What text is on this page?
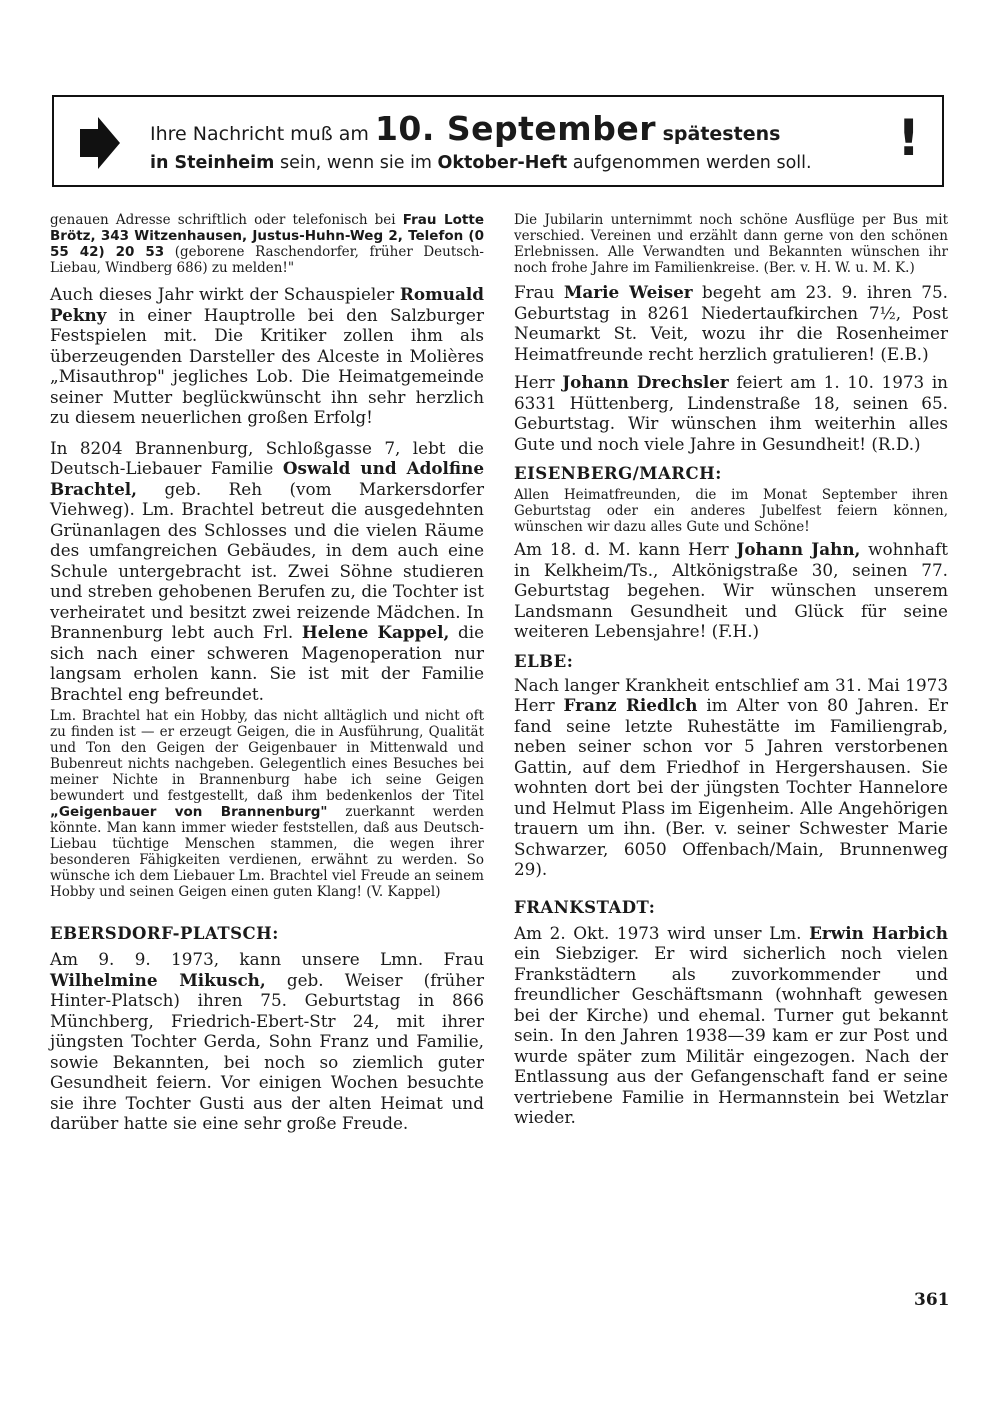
Ihre Nachricht muß am 10. September spätestens
in Steinheim sein, wenn sie im Oktober-Heft aufgenommen werden soll. !

genauen Adresse schriftlich oder telefonisch bei Frau Lotte Brötz, 343 Witzenhausen, Justus-Huhn-Weg 2, Telefon (0 55 42) 20 53 (geborene Raschendorfer, früher Deutsch-Liebau, Windberg 686) zu melden!"

Auch dieses Jahr wirkt der Schauspieler Romuald Pekny in einer Hauptrolle bei den Salzburger Festspielen mit. Die Kritiker zollen ihm als überzeugenden Darsteller des Alceste in Molières „Misauthrop" jegliches Lob. Die Heimatgemeinde seiner Mutter beglückwünscht ihn sehr herzlich zu diesem neuerlichen großen Erfolg!

In 8204 Brannenburg, Schloßgasse 7, lebt die Deutsch-Liebauer Familie Oswald und Adolfine Brachtel, geb. Reh (vom Markersdorfer Viehweg). Lm. Brachtel betreut die ausgedehnten Grünanlagen des Schlosses und die vielen Räume des umfangreichen Gebäudes, in dem auch eine Schule untergebracht ist. Zwei Söhne studieren und streben gehobenen Berufen zu, die Tochter ist verheiratet und besitzt zwei reizende Mädchen. In Brannenburg lebt auch Frl. Helene Kappel, die sich nach einer schweren Magenoperation nur langsam erholen kann. Sie ist mit der Familie Brachtel eng befreundet.

Lm. Brachtel hat ein Hobby, das nicht alltäglich und nicht oft zu finden ist — er erzeugt Geigen, die in Ausführung, Qualität und Ton den Geigen der Geigenbauer in Mittenwald und Bubenreut nichts nachgeben. Gelegentlich eines Besuches bei meiner Nichte in Brannenburg habe ich seine Geigen bewundert und festgestellt, daß ihm bedenkenlos der Titel „Geigenbauer von Brannenburg" zuerkannt werden könnte. Man kann immer wieder feststellen, daß aus Deutsch-Liebau tüchtige Menschen stammen, die wegen ihrer besonderen Fähigkeiten verdienen, erwähnt zu werden. So wünsche ich dem Liebauer Lm. Brachtel viel Freude an seinem Hobby und seinen Geigen einen guten Klang! (V. Kappel)

EBERSDORF-PLATSCH:

Am 9. 9. 1973, kann unsere Lmn. Frau Wilhelmine Mikusch, geb. Weiser (früher Hinter-Platsch) ihren 75. Geburtstag in 866 Münchberg, Friedrich-Ebert-Str 24, mit ihrer jüngsten Tochter Gerda, Sohn Franz und Familie, sowie Bekannten, bei noch so ziemlich guter Gesundheit feiern. Vor einigen Wochen besuchte sie ihre Tochter Gusti aus der alten Heimat und darüber hatte sie eine sehr große Freude.

Die Jubilarin unternimmt noch schöne Ausflüge per Bus mit verschied. Vereinen und erzählt dann gerne von den schönen Erlebnissen. Alle Verwandten und Bekannten wünschen ihr noch frohe Jahre im Familienkreise. (Ber. v. H. W. u. M. K.)

Frau Marie Weiser begeht am 23. 9. ihren 75. Geburtstag in 8261 Niedertaufkirchen 7½, Post Neumarkt St. Veit, wozu ihr die Rosenheimer Heimatfreunde recht herzlich gratulieren! (E.B.)

Herr Johann Drechsler feiert am 1. 10. 1973 in 6331 Hüttenberg, Lindenstraße 18, seinen 65. Geburtstag. Wir wünschen ihm weiterhin alles Gute und noch viele Jahre in Gesundheit! (R.D.)

EISENBERG/MARCH:

Allen Heimatfreunden, die im Monat September ihren Geburtstag oder ein anderes Jubelfest feiern können, wünschen wir dazu alles Gute und Schöne!

Am 18. d. M. kann Herr Johann Jahn, wohnhaft in Kelkheim/Ts., Altkönigstraße 30, seinen 77. Geburtstag begehen. Wir wünschen unserem Landsmann Gesundheit und Glück für seine weiteren Lebensjahre! (F.H.)

ELBE:

Nach langer Krankheit entschlief am 31. Mai 1973 Herr Franz Riedlch im Alter von 80 Jahren. Er fand seine letzte Ruhestätte im Familiengrab, neben seiner schon vor 5 Jahren verstorbenen Gattin, auf dem Friedhof in Hergershausen. Sie wohnten dort bei der jüngsten Tochter Hannelore und Helmut Plass im Eigenheim. Alle Angehörigen trauern um ihn. (Ber. v. seiner Schwester Marie Schwarzer, 6050 Offenbach/Main, Brunnenweg 29).

FRANKSTADT:

Am 2. Okt. 1973 wird unser Lm. Erwin Harbich ein Siebziger. Er wird sicherlich noch vielen Frankstädtern als zuvorkommender und freundlicher Geschäftsmann (wohnhaft gewesen bei der Kirche) und ehemal. Turner gut bekannt sein. In den Jahren 1938—39 kam er zur Post und wurde später zum Militär eingezogen. Nach der Entlassung aus der Gefangenschaft fand er seine vertriebene Familie in Hermannstein bei Wetzlar wieder.

361
